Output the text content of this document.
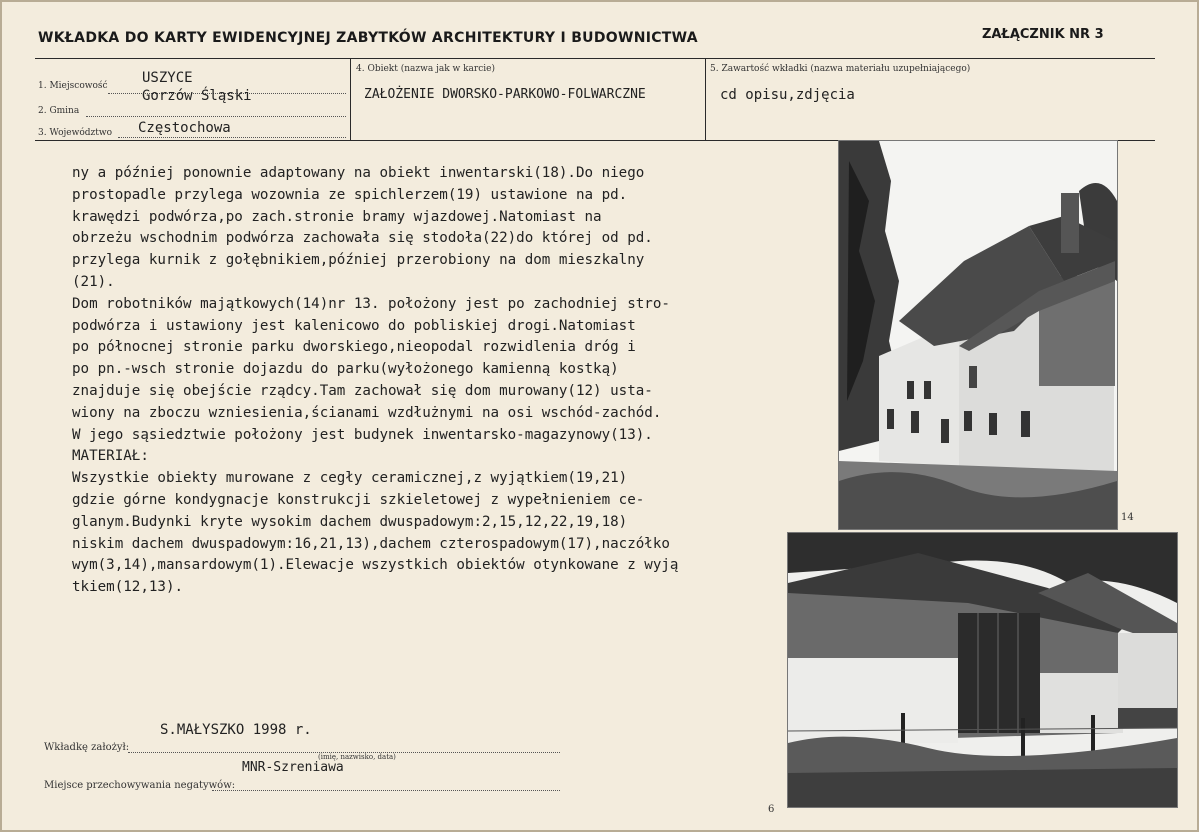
WKŁADKA DO KARTY EWIDENCYJNEJ ZABYTKÓW ARCHITEKTURY I BUDOWNICTWA	ZAŁĄCZNIK NR 3
1. Miejscowość USZYCE
2. Gmina
Gorzów Śląski
3. Województwo Częstochowa
4. Obiekt (nazwa jak w karcie)
ZAŁOŻENIE DWORSKO-PARKOWO-FOLWARCZNE
5. Zawartość wkładki (nazwa materiału uzupełniającego)
cd opisu,zdjęcia
ny a później ponownie adaptowany na obiekt inwentarski(18).Do niego
prostopadle przylega wozownia ze spichlerzem(19) ustawione na pd.
krawędzi podwórza,po zach.stronie bramy wjazdowej.Natomiast na
obrzeżu wschodnim podwórza zachowała się stodoła(22)do której od pd.
przylega kurnik z gołębnikiem,później przerobiony na dom mieszkalny
(21).
Dom robotników majątkowych(14)nr 13. położony jest po zachodniej stro-
podwórza i ustawiony jest kalenicowo do pobliskiej drogi.Natomiast
po północnej stronie parku dworskiego,nieopodal rozwidlenia dróg i
po pn.-wsch stronie dojazdu do parku(wyłożonego kamienną kostką)
znajduje się obejście rządcy.Tam zachował się dom murowany(12) usta-
wiony na zboczu wzniesienia,ścianami wzdłużnymi na osi wschód-zachód.
W jego sąsiedztwie położony jest budynek inwentarsko-magazynowy(13).
MATERIAŁ:
Wszystkie obiekty murowane z cegły ceramicznej,z wyjątkiem(19,21)
gdzie górne kondygnacje konstrukcji szkieletowej z wypełnieniem ce-
glanym.Budynki kryte wysokim dachem dwuspadowym:2,15,12,22,19,18)
niskim dachem dwuspadowym:16,21,13),dachem czterospadowym(17),naczółko
wym(3,14),mansardowym(1).Elewacje wszystkich obiektów otynkowane z wyją
tkiem(12,13).
14
6
S.MAŁYSZKO 1998 r.
Wkładkę założył:
(imię, nazwisko, data)
MNR-Szreniawa
Miejsce przechowywania negatywów:
